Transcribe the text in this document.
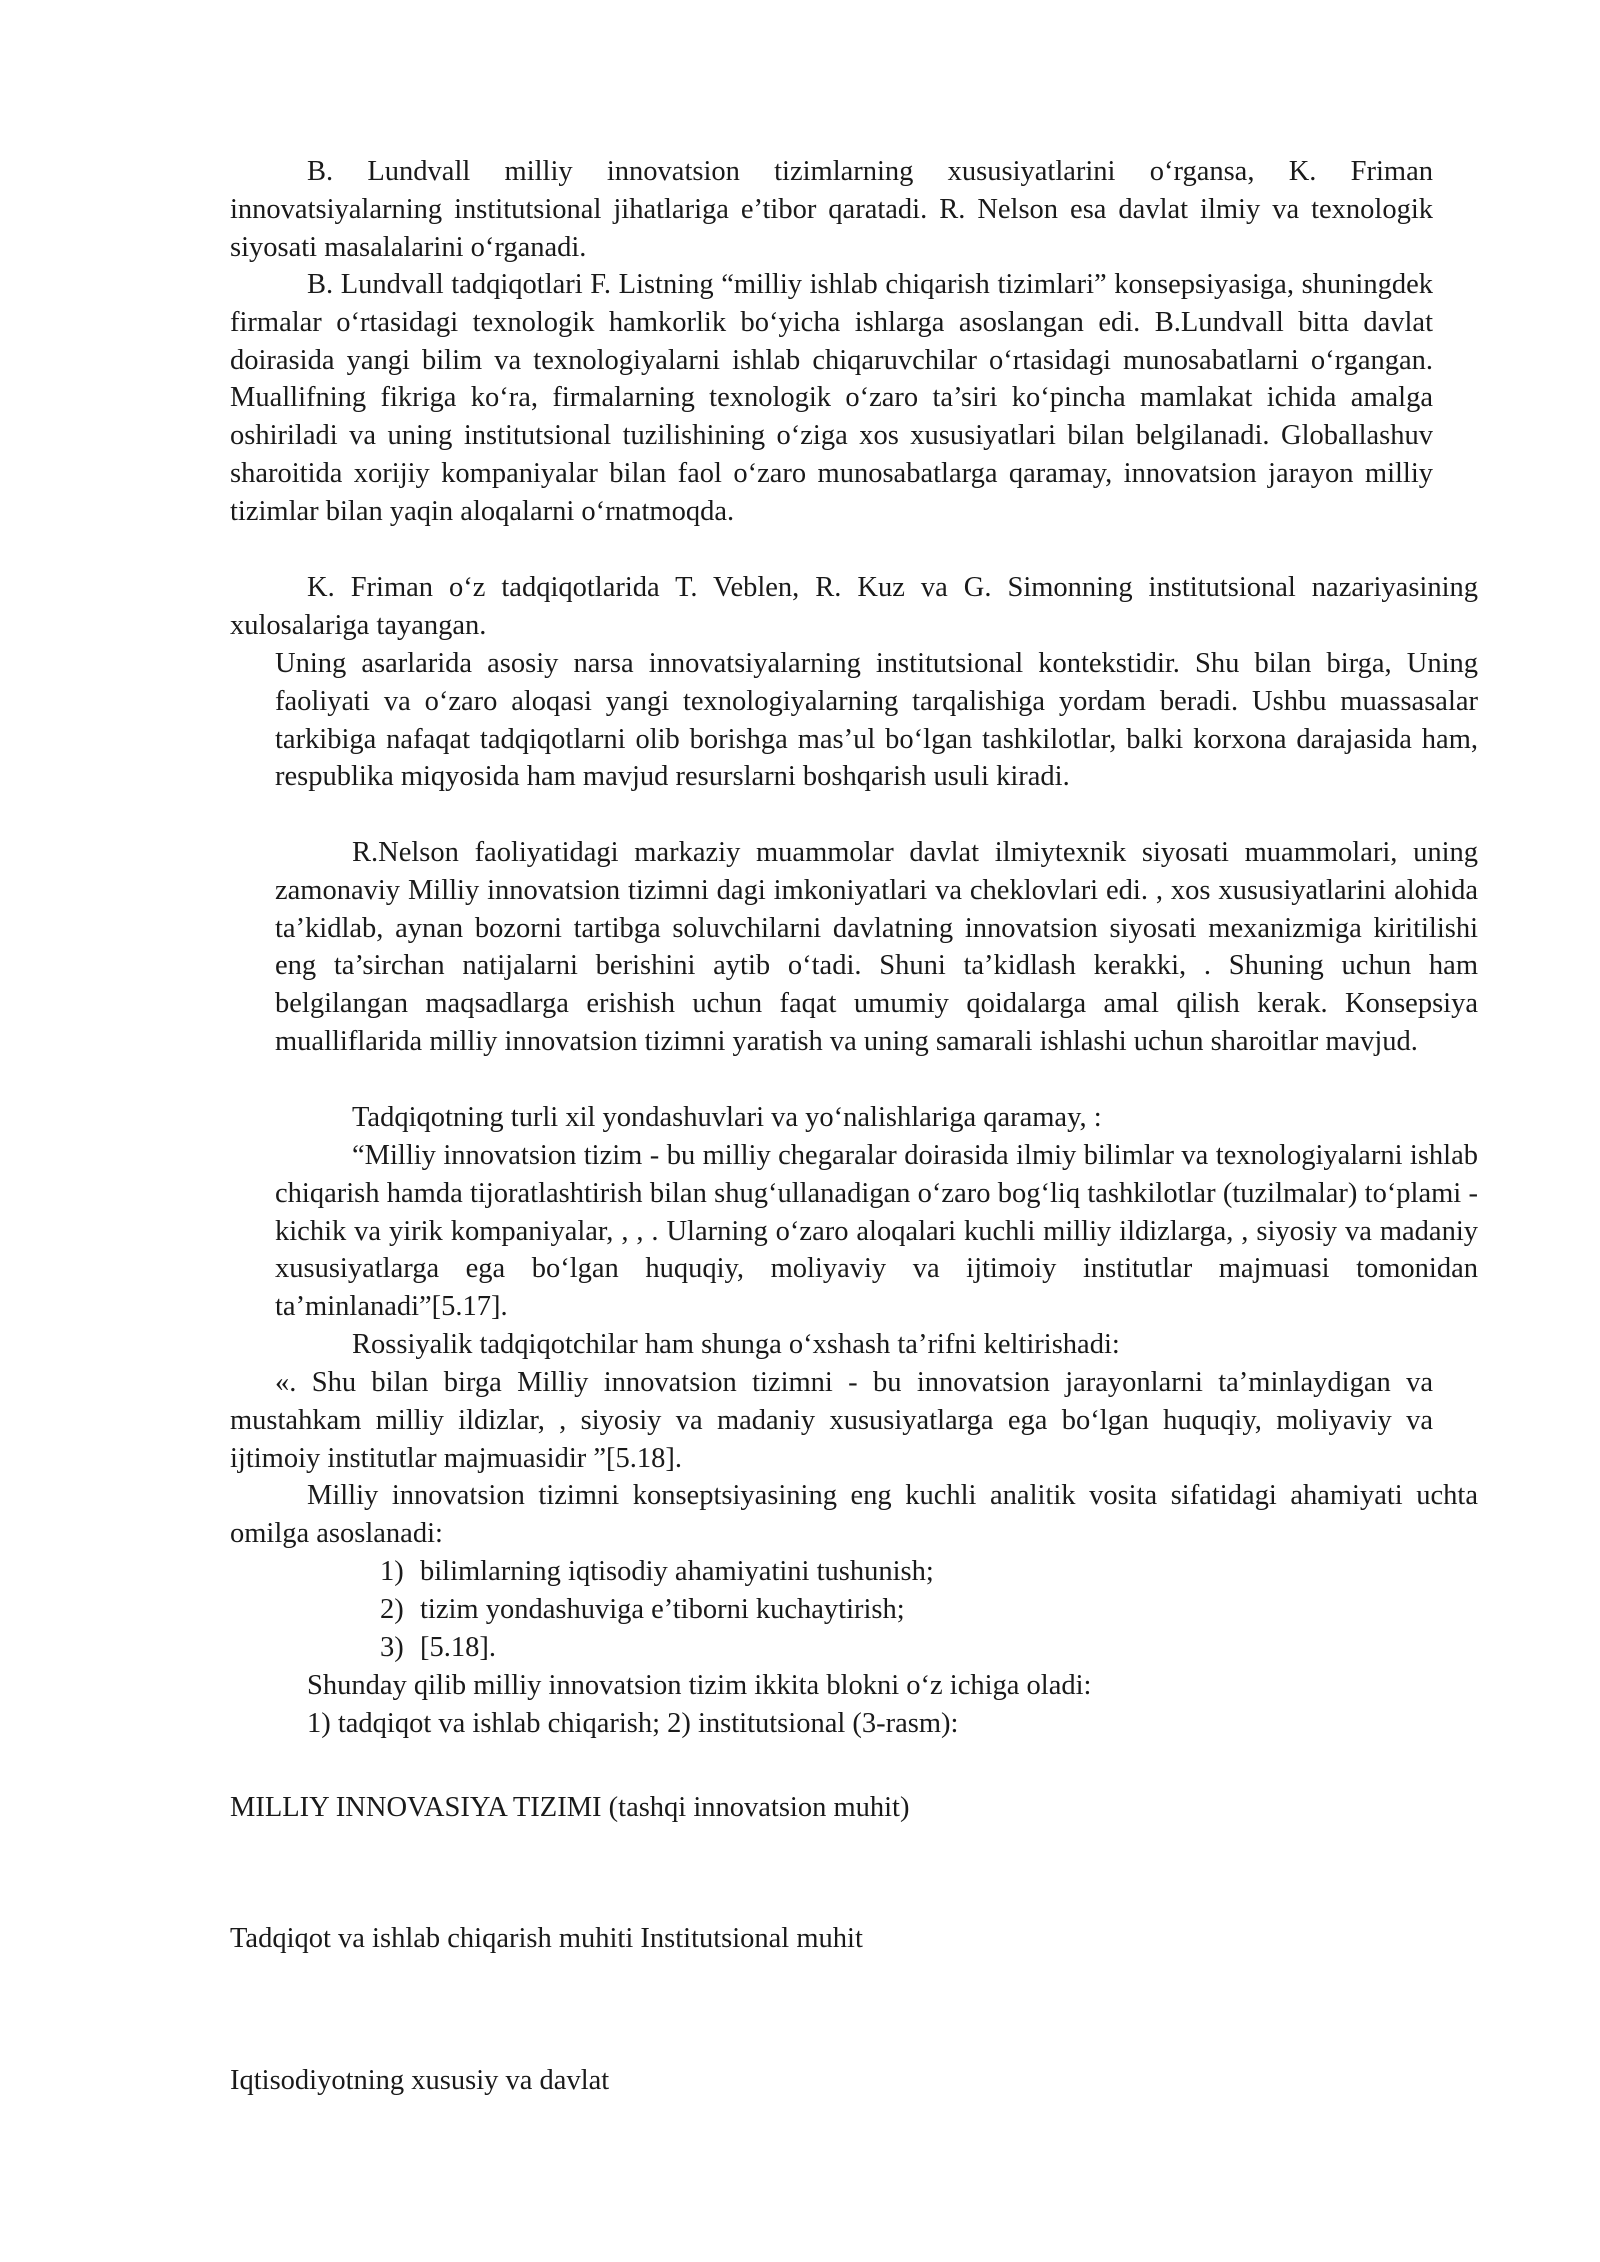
B. Lundvall milliy innovatsion tizimlarning xususiyatlarini o‘rgansa, K. Friman innovatsiyalarning institutsional jihatlariga e’tibor qaratadi. R. Nelson esa davlat ilmiy va texnologik siyosati masalalarini o‘rganadi.

B. Lundvall tadqiqotlari F. Listning “milliy ishlab chiqarish tizimlari” konsepsiyasiga, shuningdek firmalar o‘rtasidagi texnologik hamkorlik bo‘yicha ishlarga asoslangan edi. B.Lundvall bitta davlat doirasida yangi bilim va texnologiyalarni ishlab chiqaruvchilar o‘rtasidagi munosabatlarni o‘rgangan. Muallifning fikriga ko‘ra, firmalarning texnologik o‘zaro ta’siri ko‘pincha mamlakat ichida amalga oshiriladi va uning institutsional tuzilishining o‘ziga xos xususiyatlari bilan belgilanadi. Globallashuv sharoitida xorijiy kompaniyalar bilan faol o‘zaro munosabatlarga qaramay, innovatsion jarayon milliy tizimlar bilan yaqin aloqalarni o‘rnatmoqda.

K. Friman o‘z tadqiqotlarida T. Veblen, R. Kuz va G. Simonning institutsional nazariyasining xulosalariga tayangan.

Uning asarlarida asosiy narsa innovatsiyalarning institutsional kontekstidir. Shu bilan birga, Uning faoliyati va o‘zaro aloqasi yangi texnologiyalarning tarqalishiga yordam beradi. Ushbu muassasalar tarkibiga nafaqat tadqiqotlarni olib borishga mas’ul bo‘lgan tashkilotlar, balki korxona darajasida ham, respublika miqyosida ham mavjud resurslarni boshqarish usuli kiradi.

R.Nelson faoliyatidagi markaziy muammolar davlat ilmiytexnik siyosati muammolari, uning zamonaviy Milliy innovatsion tizimni dagi imkoniyatlari va cheklovlari edi. , xos xususiyatlarini alohida ta’kidlab, aynan bozorni tartibga soluvchilarni davlatning innovatsion siyosati mexanizmiga kiritilishi eng ta’sirchan natijalarni berishini aytib o‘tadi. Shuni ta’kidlash kerakki, . Shuning uchun ham belgilangan maqsadlarga erishish uchun faqat umumiy qoidalarga amal qilish kerak. Konsepsiya mualliflarida milliy innovatsion tizimni yaratish va uning samarali ishlashi uchun sharoitlar mavjud.

Tadqiqotning turli xil yondashuvlari va yo‘nalishlariga qaramay, :

“Milliy innovatsion tizim - bu milliy chegaralar doirasida ilmiy bilimlar va texnologiyalarni ishlab chiqarish hamda tijoratlashtirish bilan shug‘ullanadigan o‘zaro bog‘liq tashkilotlar (tuzilmalar) to‘plami - kichik va yirik kompaniyalar, , , . Ularning o‘zaro aloqalari kuchli milliy ildizlarga, , siyosiy va madaniy xususiyatlarga ega bo‘lgan huquqiy, moliyaviy va ijtimoiy institutlar majmuasi tomonidan ta’minlanadi”[5.17].

Rossiyalik tadqiqotchilar ham shunga o‘xshash ta’rifni keltirishadi:

«. Shu bilan birga Milliy innovatsion tizimni - bu innovatsion jarayonlarni ta’minlaydigan va mustahkam milliy ildizlar, , siyosiy va madaniy xususiyatlarga ega bo‘lgan huquqiy, moliyaviy va ijtimoiy institutlar majmuasidir ”[5.18].

Milliy innovatsion tizimni konseptsiyasining eng kuchli analitik vosita sifatidagi ahamiyati uchta omilga asoslanadi:

1) bilimlarning iqtisodiy ahamiyatini tushunish;

2) tizim yondashuviga e’tiborni kuchaytirish;

3) [5.18].

Shunday qilib milliy innovatsion tizim ikkita blokni o‘z ichiga oladi:

1) tadqiqot va ishlab chiqarish; 2) institutsional (3-rasm):

MILLIY INNOVASIYA TIZIMI (tashqi innovatsion muhit)

Tadqiqot va ishlab chiqarish muhiti Institutsional muhit

Iqtisodiyotning xususiy va davlat
